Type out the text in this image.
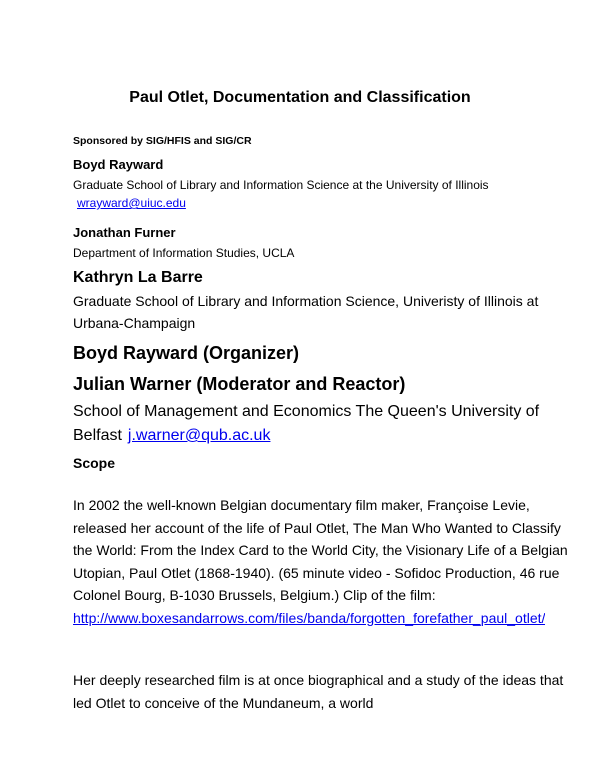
Paul Otlet, Documentation and Classification
Sponsored by SIG/HFIS and SIG/CR
Boyd Rayward
Graduate School of Library and Information Science at the University of Illinois
wrayward@uiuc.edu
Jonathan Furner
Department of Information Studies, UCLA
Kathryn La Barre
Graduate School of Library and Information Science, Univeristy of Illinois at Urbana-Champaign
Boyd Rayward (Organizer)
Julian Warner (Moderator and Reactor)
School of Management and Economics The Queen's University of Belfast j.warner@qub.ac.uk
Scope
In 2002 the well-known Belgian documentary film maker, Françoise Levie, released her account of the life of Paul Otlet, The Man Who Wanted to Classify the World: From the Index Card to the World City, the Visionary Life of a Belgian Utopian, Paul Otlet (1868-1940). (65 minute video - Sofidoc Production, 46 rue Colonel Bourg, B-1030 Brussels, Belgium.) Clip of the film: http://www.boxesandarrows.com/files/banda/forgotten_forefather_paul_otlet/
Her deeply researched film is at once biographical and a study of the ideas that led Otlet to conceive of the Mundaneum, a world
